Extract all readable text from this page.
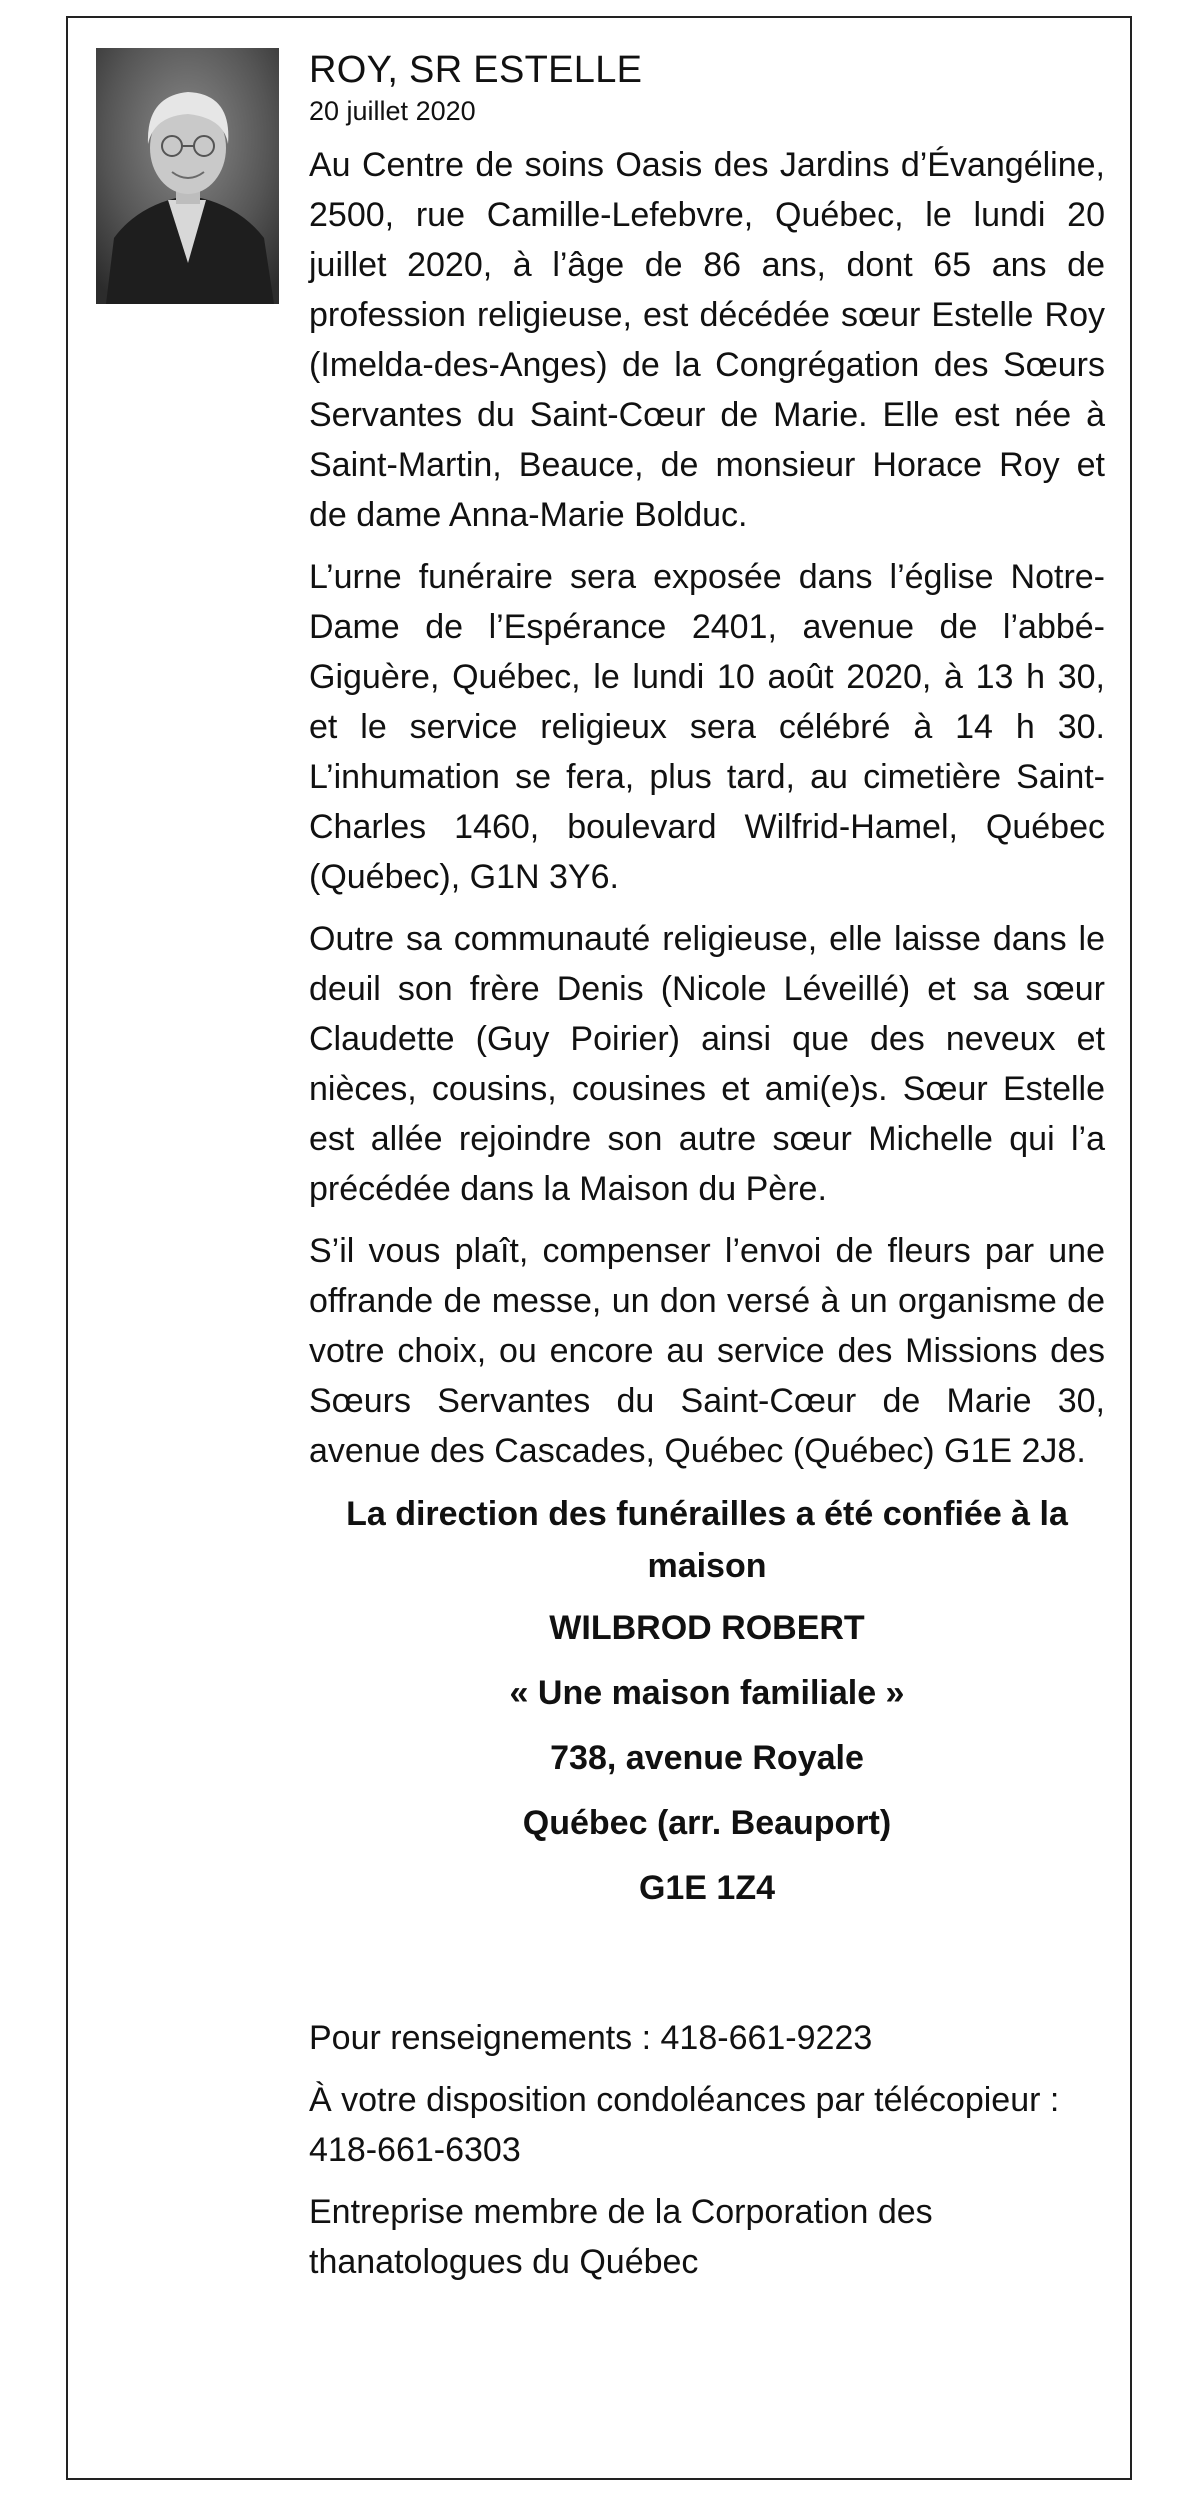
ROY, SR ESTELLE

20 juillet 2020

Au Centre de soins Oasis des Jardins d’Évangéline, 2500, rue Camille-Lefebvre, Québec, le lundi 20 juillet 2020, à l’âge de 86 ans, dont 65 ans de profession religieuse, est décédée sœur Estelle Roy (Imelda-des-Anges) de la Congrégation des Sœurs Servantes du Saint-Cœur de Marie. Elle est née à Saint-Martin, Beauce, de monsieur Horace Roy et de dame Anna-Marie Bolduc.

L’urne funéraire sera exposée dans l’église Notre-Dame de l’Espérance 2401, avenue de l’abbé-Giguère, Québec, le lundi 10 août 2020, à 13 h 30, et le service religieux sera célébré à 14 h 30. L’inhumation se fera, plus tard, au cimetière Saint-Charles 1460, boulevard Wilfrid-Hamel, Québec (Québec), G1N 3Y6.

Outre sa communauté religieuse, elle laisse dans le deuil son frère Denis (Nicole Léveillé) et sa sœur Claudette (Guy Poirier) ainsi que des neveux et nièces, cousins, cousines et ami(e)s. Sœur Estelle est allée rejoindre son autre sœur Michelle qui l’a précédée dans la Maison du Père.

S’il vous plaît, compenser l’envoi de fleurs par une offrande de messe, un don versé à un organisme de votre choix, ou encore au service des Missions des Sœurs Servantes du Saint-Cœur de Marie 30, avenue des Cascades, Québec (Québec) G1E 2J8.

La direction des funérailles a été confiée à la maison
WILBROD ROBERT
« Une maison familiale »
738, avenue Royale
Québec (arr. Beauport)
G1E 1Z4

Pour renseignements : 418-661-9223

À votre disposition condoléances par télécopieur : 418-661-6303

Entreprise membre de la Corporation des thanatologues du Québec
